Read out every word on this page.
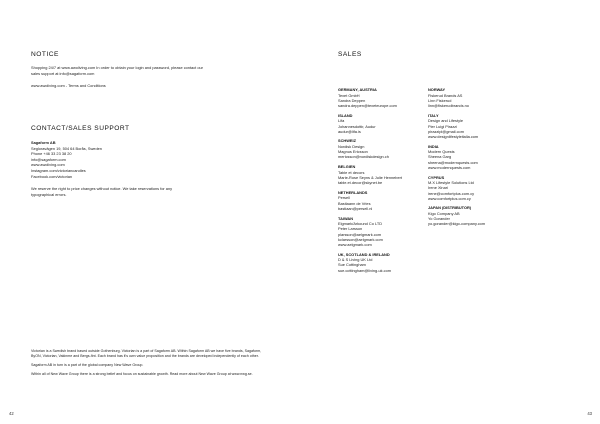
NOTICE

Shopping 24/7 at www.awoliving.com In order to obtain your login and password, please contact our sales support at info@sagaform.com

www.awoliving.com - Terms and Conditions

CONTACT/SALES SUPPORT

Sagaform AB

Segloravägen 19, 504 64 Borås, Sweden

Phone +46 33 23 38 20

info@sagaform.com

www.awoliving.com

Instagram.com/victoriancandles

Facebook.com/victorian

We reserve the right to price changes without notice. We take reservations for any typographical errors.

Victorian is a Swedish brand based outside Gothenburg. Victorian is a part of Sagaform AB. Within Sagaform AB we have five brands, Sagaform, ByON, Victorian, Vakinme and Bergs-fint. Each brand has it's own value proposition and the brands are developed independently of each other.

Sagaform AB in turn is a part of the global company New Wave Group.

Within all of New Wave Group there is a strong belief and focus on sustainable growth. Read more about New Wave Group at www.nwg.se.

42
SALES
GERMANY, AUSTRIA
Texet GmbH
Sandra Deppen
sandra.deppen@texeteurope.com
ISLAND
Lifa
Johannesdottir, Audur
audur@lifa.is
SCHWEIZ
Nordisk Design
Magnus Ericsson
mericsson@nordiskdesign.ch
BELGIEN
Table et decors
Marie-Rose Seyns & Julie Hennebert
table.et.decor@skynet.be
NETHERLANDS
Persell
Bastiaann de Vries
bastiaan@persell.nl
TAIWAN
Elgmark/Arkound Co LTD
Peter Larsson
plarsson@aelgmark.com
kclarsson@aelgmark.com
www.aelgmark.com
UK, SCOTLAND & IRELAND
D & S Living UK Ltd
Sue Cottingham
sue.cottingham@living-uk.com
NORWAY
Fiskerud Brands AS
Linn Fiskerud
linn@fiskerudbrands.no
ITALY
Design and Lifestyle
Pier Luigi Pirazzi
pirazzipl@gmail.com
www.designlifestyleitalia.com
INDIA
Modern Quests
Sheena Garg
sheena@modernquests.com
www.modernquests.com
CYPRUS
M.X Lifestyle Solutions Ltd
Irene Xinari
irene@comfortplus.com.cy
www.comfortplus.com.cy
JAPAN (DISTRIBUTOR)
Kigo Company AB
Yo Gorander
yo.gorander@kigo-company.com
43
